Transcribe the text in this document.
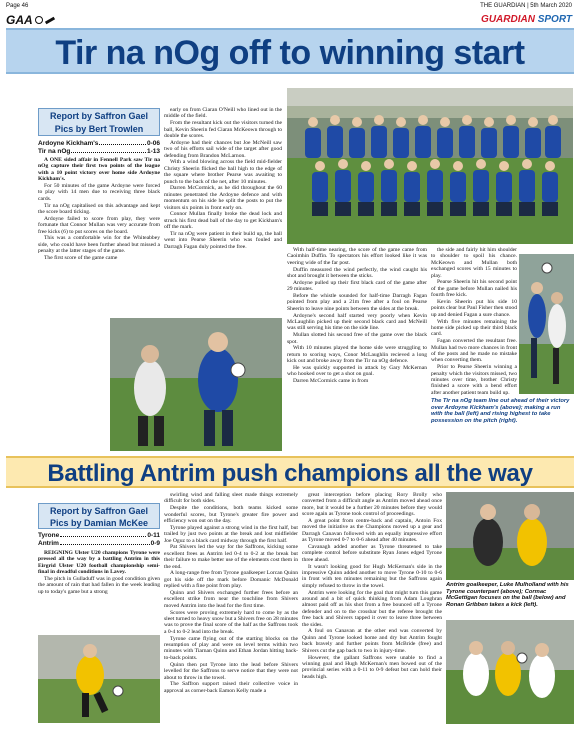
Page 46	THE GUARDIAN | 5th March 2020
GAA	GUARDIAN SPORT
Tir na nOg off to winning start
Report by Saffron Gael
Pics by Bert Trowlen
Ardoyne Kickham's	0-06
Tir na nOg	1-13

A ONE sided affair in Fennell Park saw Tir na nOg capture their first two points of the league with a 10 point victory over home side Ardoyne Kickham's.

For 50 minutes of the game Ardoyne were forced to play with 14 men due to receiving three black cards.

Tir na nOg capitalised on this advantage and kept the score board ticking.

Ardoyne failed to score from play, they were fortunate that Connor Mullan was very accurate from free kicks (6) to put scores on the board.

This was a comfortable win for the Whiteabbey side, who could have been further ahead but missed a penalty at the latter stages of the game.

The first score of the game came

early on from Ciaran O'Neill who lined out in the middle of the field.

From the resultant kick out the visitors turned the ball, Kevin Sheerin fed Ciaran McKeown through to double the scores.

Ardoyne had their chances but Joe McNeill saw two of his efforts sail wide of the target after good defending from Brandon McLarnon.

With a wind blowing across the field mid-fielder Christy Sheerin flicked the ball high to the edge of the square where brother Pearse was awaiting to punch to the back of the net, after 10 minutes.

Darren McCormick, as he did throughout the 60 minutes penetrated the Ardoyne defence and with momentum on his side he split the posts to put the visitors six points in front early on.

Connor Mullan finally broke the dead lock and struck his first dead ball of the day to get Kickham's off the mark.

Tir na nOg were patient in their build up, the ball went into Pearse Sheerin who was fouled and Darragh Fagan duly pointed the free.

With half-time nearing, the score of the game came from Caoimhin Duffin. To spectators his effort looked like it was veering wide of the far post.

Duffin measured the wind perfectly, the wind caught his shot and brought it between the sticks.

Ardoyne pulled up their first black card of the game after 29 minutes.

Before the whistle sounded for half-time Darragh Fagan pointed from play and a 21m free after a foul on Pearse Sheerin to leave nine points between the sides at the break.

Ardoyne's second half started very poorly when Kevin McLaughlin picked up their second black card and McNeill was still serving his time on the side line.

Mullan slotted his second free of the game over the black spot.

With 10 minutes played the home side were struggling to return to scoring ways, Conor McLaughlin recieved a long kick out and broke away from the Tir na nOg defence.

He was quickly supported in attack by Gary McKernan who hooked over to get a shot on goal.

Darren McCormick came in from

the side and fairly hit him shoulder to shoulder to spoil his chance. McKeown and Mullan both exchanged scores with 15 minutes to play.

Pearse Sheerin hit his second point of the game before Mullan nailed his fourth free kick.

Kevin Sheerin put his side 10 points clear but Paul Fisher then stood up and denied Fagan a sure chance.

With five minutes remaining the home side picked up their third black card.

Fagan converted the resultant free. Mullan had two more chances in front of the posts and he made no mistake when converting them.

Prior to Pearse Sheerin winning a penalty which the visitors missed, two minutes over time, brother Christy finished a score with a bend effort after another patient team build up.

The Tir na nOg team line out ahead of their victory over Ardoyne Kickham's (above); making a run with the ball (left) and rising highest to take possession on the pitch (right).
Battling Antrim push champions all the way
Report by Saffron Gael
Pics by Damian McKee
Tyrone	0-11
Antrim	0-9

REIGNING Ulster U20 champions Tyrone were pressed all the way by a battling Antrim in this Eirgrid Ulster U20 football championship semi-final in dreadful conditions in Lavey.

The pitch in Gulladuff was in good condition given the amount of rain that had fallen in the week leading up to today's game but a strong

swirling wind and falling sleet made things extremely difficult for both sides.

Despite the conditions, both teams kicked some wonderful scores, but Tyrone's greater fire power and efficiency won out on the day.

Tyrone played against a strong wind in the first half, but trailed by just two points at the break and lost midfielder Joe Oguz to a black card midway through the first half.

Pat Shivers led the way for the Saffrons, kicking some excellent frees as Antrim led 0-4 to 0-2 at the break but their failure to make better use of the elements cost them in the end.

A long-range free from Tyrone goalkeeper Lorcan Quinn got his side off the mark before Domanic McDonald replied with a fine point from play.

Quinn and Shivers exchanged further frees before an excellent strike from near the touchline from Shivers moved Antrim into the lead for the first time.

Scores were proving extremely hard to come by as the sleet turned to heavy snow but a Shivers free on 28 minutes was to prove the final score of the half as the Saffrons took a 0-4 to 0-2 lead into the break.

Tyrone came flying out of the starting blocks on the resumption of play and were on level terms within two minutes with Tiarnan Quinn and Ethan Jordan hitting back-to-back points.

Quinn then put Tyrone into the lead before Shivers levelled for the Saffrons to serve notice that they were not about to throw in the towel.

The Saffron support raised their collective voice in approval as corner-back Eamon Kelly made a

great interception before placing Rory Brolly who converted from a difficult angle as Antrim moved ahead once more, but it would be a further 20 minutes before they would score again as Tyrone took control of proceedings.

A great point from centre-back and captain, Antoin Fox moved the initiative as the Champions moved up a gear and Darragh Canavan followed with an equally impressive effort as Tyrone moved 0-7 to 0-6 ahead after 40 minutes.

Cavanagh added another as Tyrone threatened to take complete control before substitute Ryan Jones edged Tyrone three ahead.

It wasn't looking good for Hugh McKernan's side in the impressive Quinn added another to move Tyrone 0-10 to 0-6 in front with ten minutes remaining but the Saffrons again simply refused to throw in the towel.

Antrim were looking for the goal that might turn this game around and a bit of quick thinking from Adam Loughran almost paid off as his shot from a free bounced off a Tyrone defender and on to the crossbar but the referee brought the free back and Shivers tapped it over to leave three between the sides.

A foul on Canavan at the other end was converted by Quinn and Tyrone looked home and dry but Antrim fought back bravely and further points from McBride (free) and Shivers cut the gap back to two in injury-time.

However, the gallant Saffrons were unable to find a winning goal and Hugh McKernan's men bowed out of the provincial series with a 0-11 to 0-9 defeat but can hold their heads high.

Antrim goalkeeper, Luke Mulholland with his Tyrone counterpart (above); Cormac McGettigan focuses on the ball (below) and Ronan Gribben takes a kick (left).
